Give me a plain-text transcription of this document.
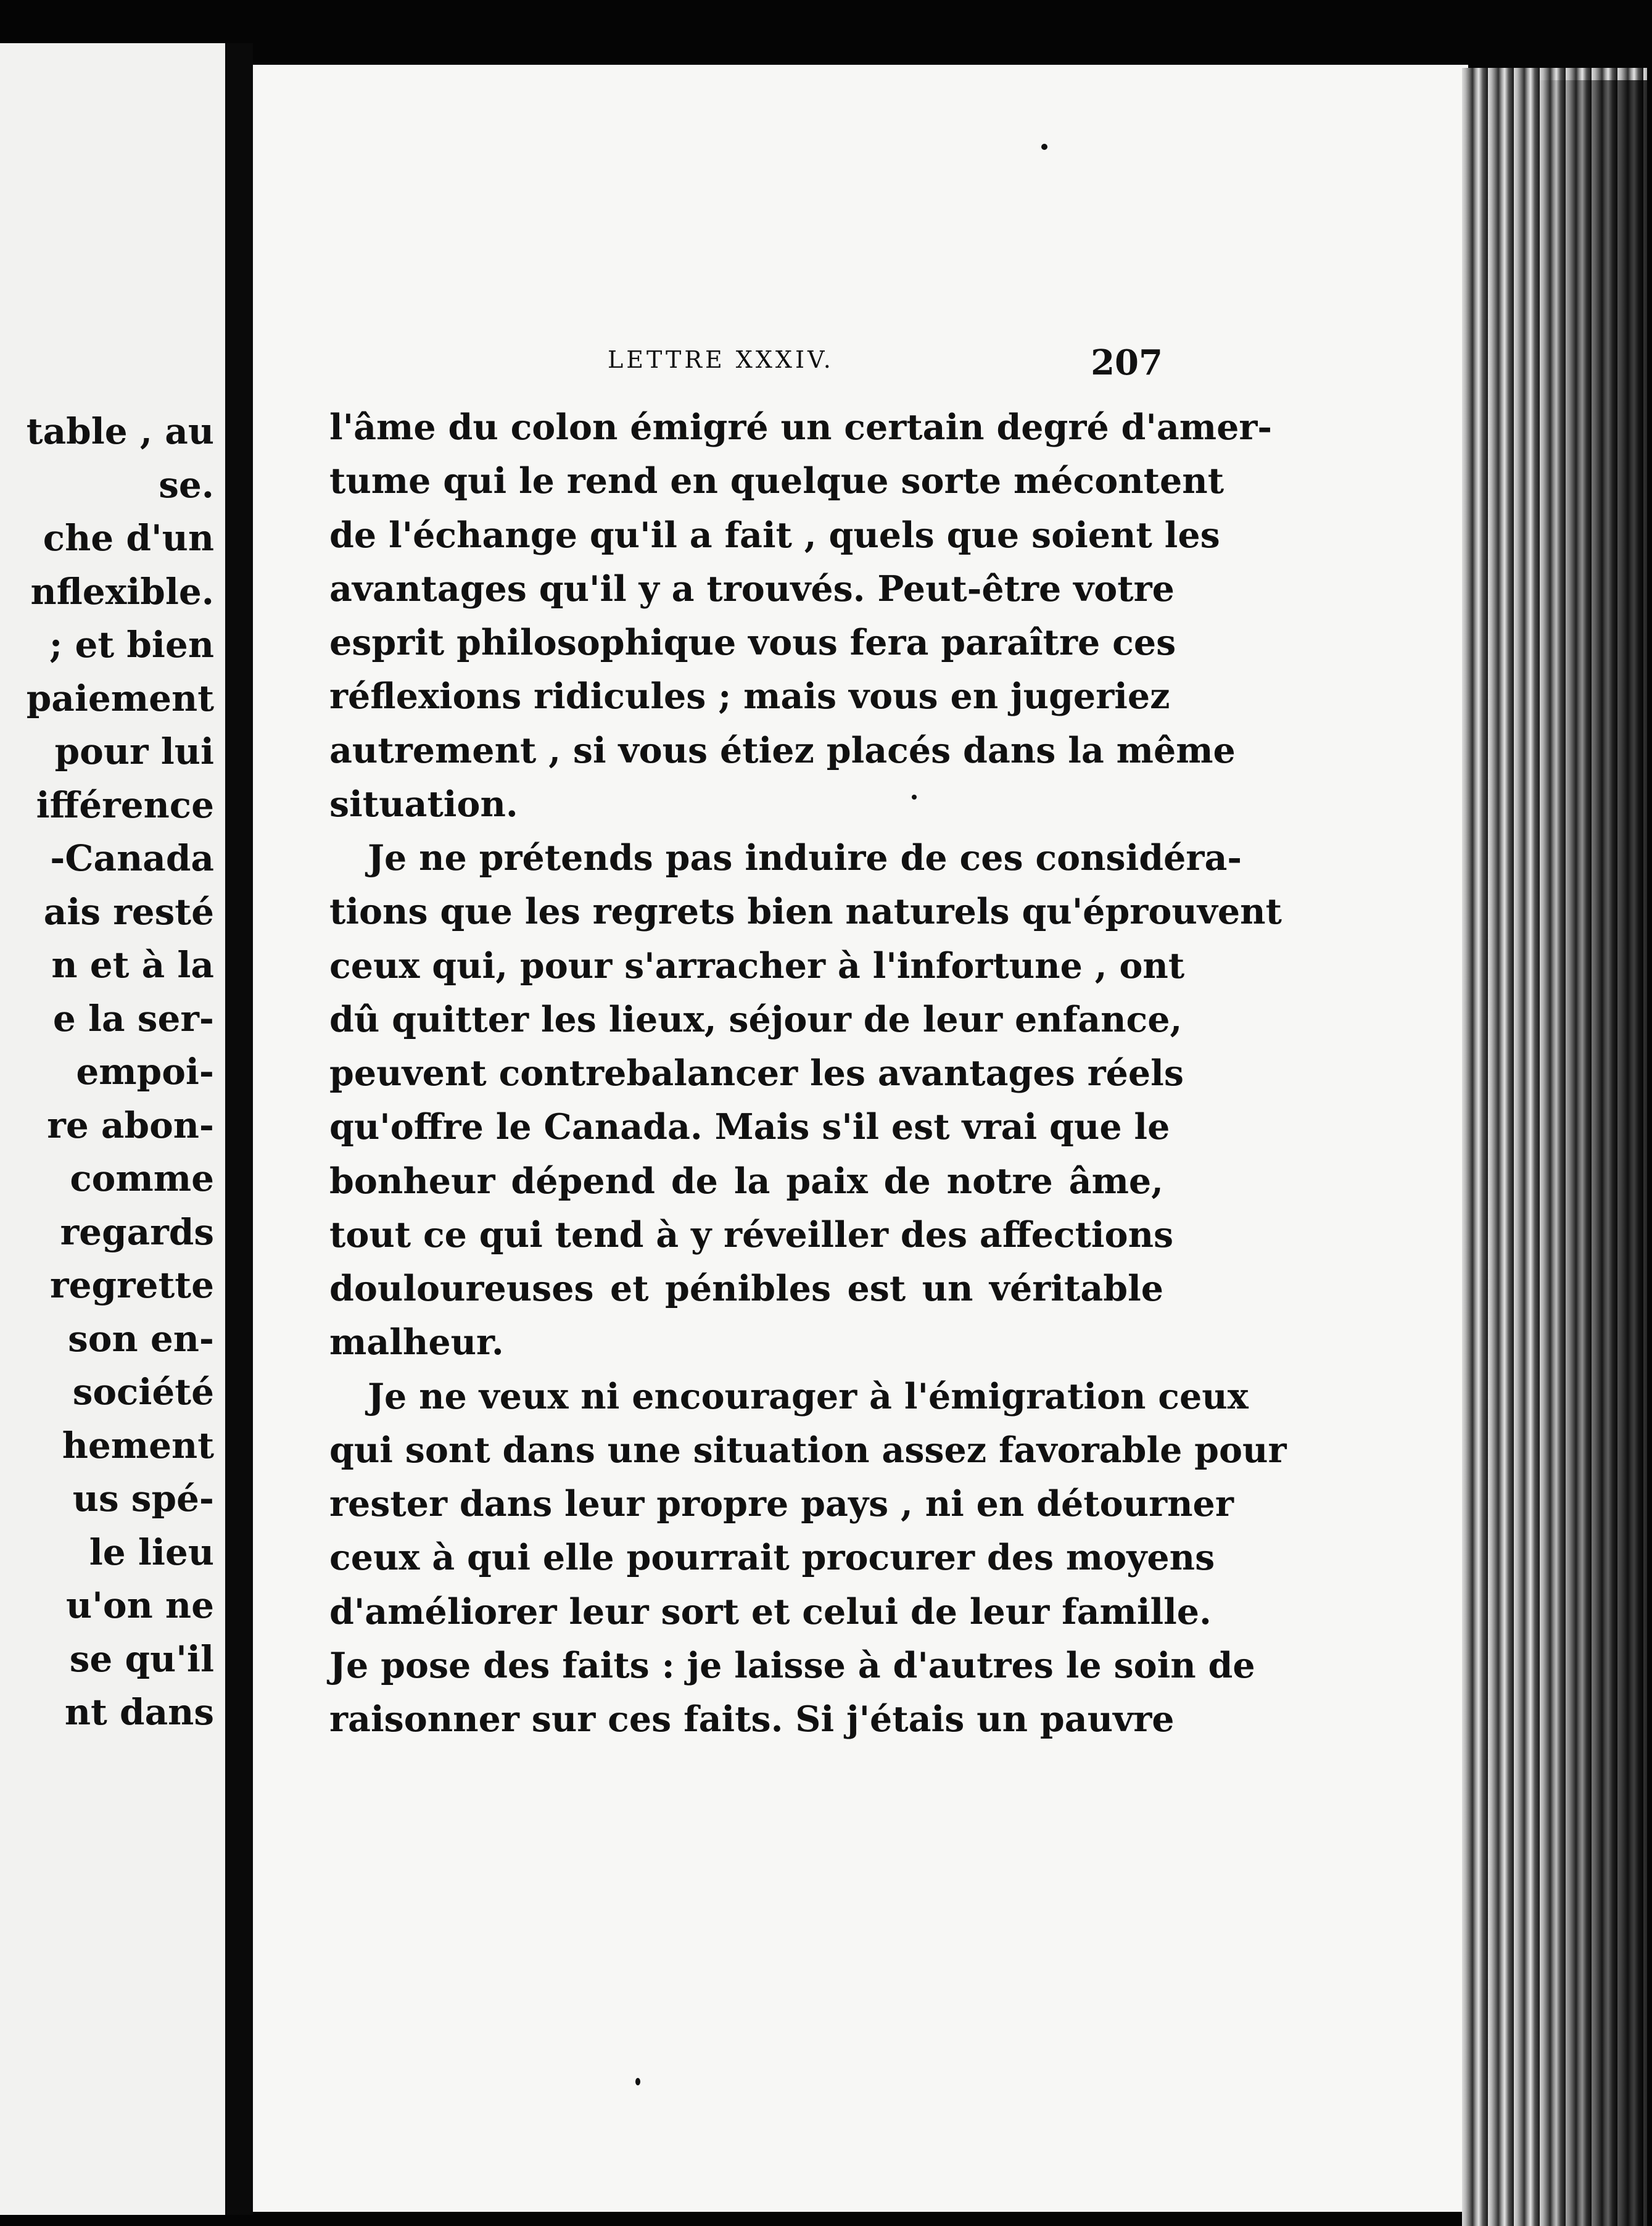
table , au
se.
che d'un
nflexible.
; et bien
paiement
pour lui
ifférence
-Canada
ais resté
n et à la
e la ser-
empoi-
re abon-
comme
regards
regrette
son en-
société
hement
us spé-
le lieu
u'on ne
se qu'il
nt dans
LETTRE XXXIV.	207
l'âme du colon émigré un certain degré d'amer-
tume qui le rend en quelque sorte mécontent
de l'échange qu'il a fait , quels que soient les
avantages qu'il y a trouvés. Peut-être votre
esprit philosophique vous fera paraître ces
réflexions ridicules ; mais vous en jugeriez
autrement , si vous étiez placés dans la même
situation.
Je ne prétends pas induire de ces considéra-
tions que les regrets bien naturels qu'éprouvent
ceux qui, pour s'arracher à l'infortune , ont
dû quitter les lieux, séjour de leur enfance,
peuvent contrebalancer les avantages réels
qu'offre le Canada. Mais s'il est vrai que le
bonheur dépend de la paix de notre âme,
tout ce qui tend à y réveiller des affections
douloureuses et pénibles est un véritable
malheur.
Je ne veux ni encourager à l'émigration ceux
qui sont dans une situation assez favorable pour
rester dans leur propre pays , ni en détourner
ceux à qui elle pourrait procurer des moyens
d'améliorer leur sort et celui de leur famille.
Je pose des faits : je laisse à d'autres le soin de
raisonner sur ces faits. Si j'étais un pauvre
